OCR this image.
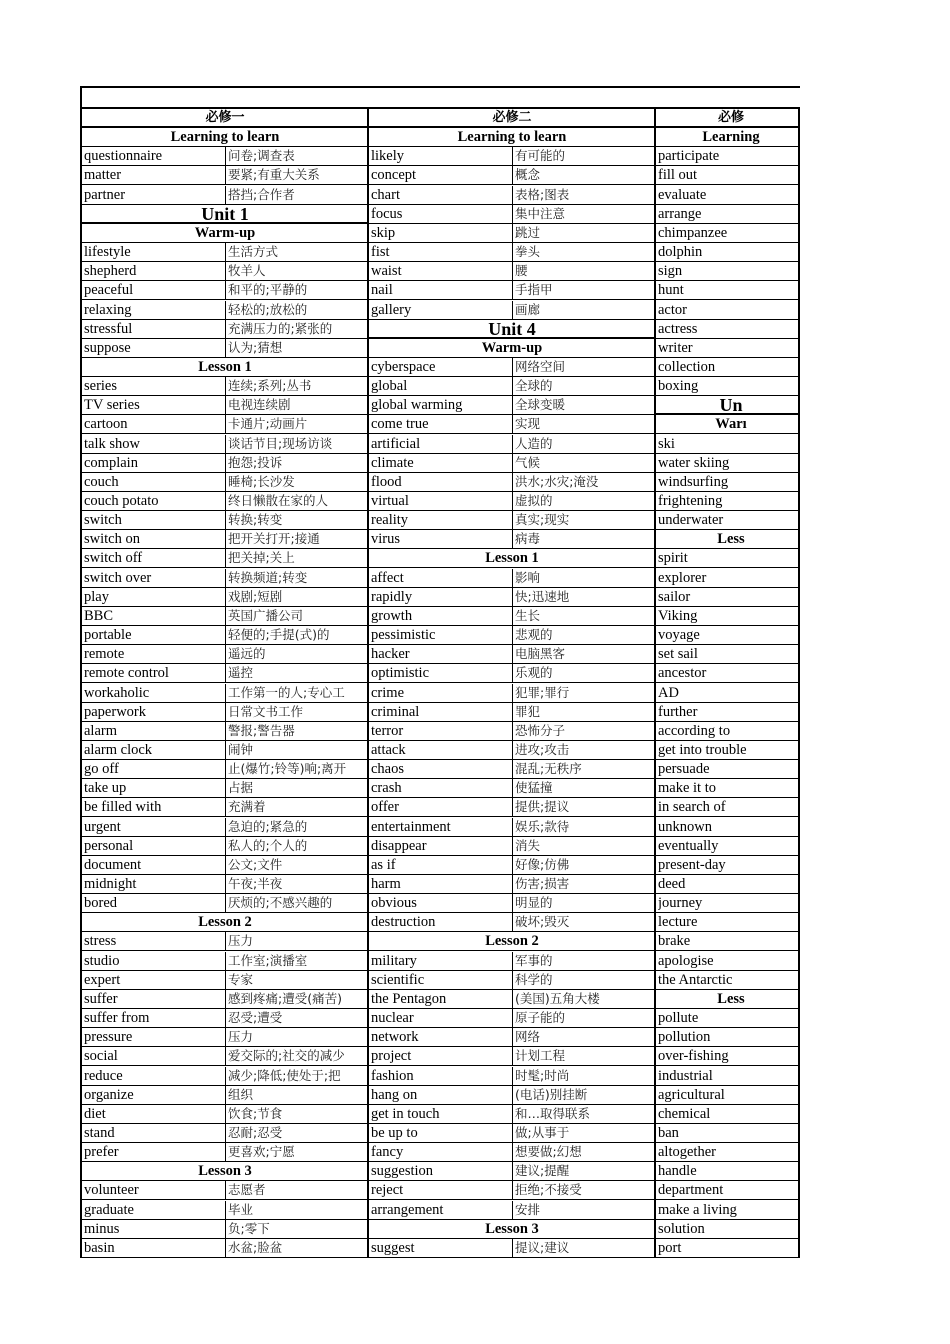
必修一
Learning to learn
questionnaire	问卷;调查表
matter	要紧;有重大关系
partner	搭挡;合作者
Unit 1
Warm-up
lifestyle	生活方式
shepherd	牧羊人
peaceful	和平的;平静的
relaxing	轻松的;放松的
stressful	充满压力的;紧张的
suppose	认为;猜想
Lesson 1
series	连续;系列;丛书
TV series	电视连续剧
cartoon	卡通片;动画片
talk show	谈话节目;现场访谈
complain	抱怨;投诉
couch	睡椅;长沙发
couch potato	终日懒散在家的人
switch	转换;转变
switch on	把开关打开;接通
switch off	把关掉;关上
switch over	转换频道;转变
play	戏剧;短剧
BBC	英国广播公司
portable	轻便的;手提(式)的
remote	遥远的
remote control	遥控
workaholic	工作第一的人;专心工
paperwork	日常文书工作
alarm	警报;警告器
alarm clock	闹钟
go off	止(爆竹;铃等)响;离开
take up	占据
be filled with	充满着
urgent	急迫的;紧急的
personal	私人的;个人的
document	公文;文件
midnight	午夜;半夜
bored	厌烦的;不感兴趣的
Lesson 2
stress	压力
studio	工作室;演播室
expert	专家
suffer	感到疼痛;遭受(痛苦)
suffer from	忍受;遭受
pressure	压力
social	爱交际的;社交的减少
reduce	减少;降低;使处于;把
organize	组织
diet	饮食;节食
stand	忍耐;忍受
prefer	更喜欢;宁愿
Lesson 3
volunteer	志愿者
graduate	毕业
minus	负;零下
basin	水盆;脸盆
必修二
Learning to learn
likely	有可能的
concept	概念
chart	表格;图表
focus	集中注意
skip	跳过
fist	拳头
waist	腰
nail	手指甲
gallery	画廊
Unit 4
Warm-up
cyberspace	网络空间
global	全球的
global warming	全球变暖
come true	实现
artificial	人造的
climate	气候
flood	洪水;水灾;淹没
virtual	虚拟的
reality	真实;现实
virus	病毒
Lesson 1
affect	影响
rapidly	快;迅速地
growth	生长
pessimistic	悲观的
hacker	电脑黑客
optimistic	乐观的
crime	犯罪;罪行
criminal	罪犯
terror	恐怖分子
attack	进攻;攻击
chaos	混乱;无秩序
crash	使猛撞
offer	提供;提议
entertainment	娱乐;款待
disappear	消失
as if	好像;仿佛
harm	伤害;损害
obvious	明显的
destruction	破坏;毁灭
Lesson 2
military	军事的
scientific	科学的
the Pentagon	(美国)五角大楼
nuclear	原子能的
network	网络
project	计划工程
fashion	时髦;时尚
hang on	(电话)别挂断
get in touch	和…取得联系
be up to	做;从事于
fancy	想要做;幻想
suggestion	建议;提醒
reject	拒绝;不接受
arrangement	安排
Lesson 3
suggest	提议;建议
必修
Learning
participate
fill out
evaluate
arrange
chimpanzee
dolphin
sign
hunt
actor
actress
writer
collection
boxing
Un
Warı
ski
water skiing
windsurfing
frightening
underwater
Less
spirit
explorer
sailor
Viking
voyage
set sail
ancestor
AD
further
according to
get into trouble
persuade
make it to
in search of
unknown
eventually
present-day
deed
journey
lecture
brake
apologise
the Antarctic
Less
pollute
pollution
over-fishing
industrial
agricultural
chemical
ban
altogether
handle
department
make a living
solution
port
